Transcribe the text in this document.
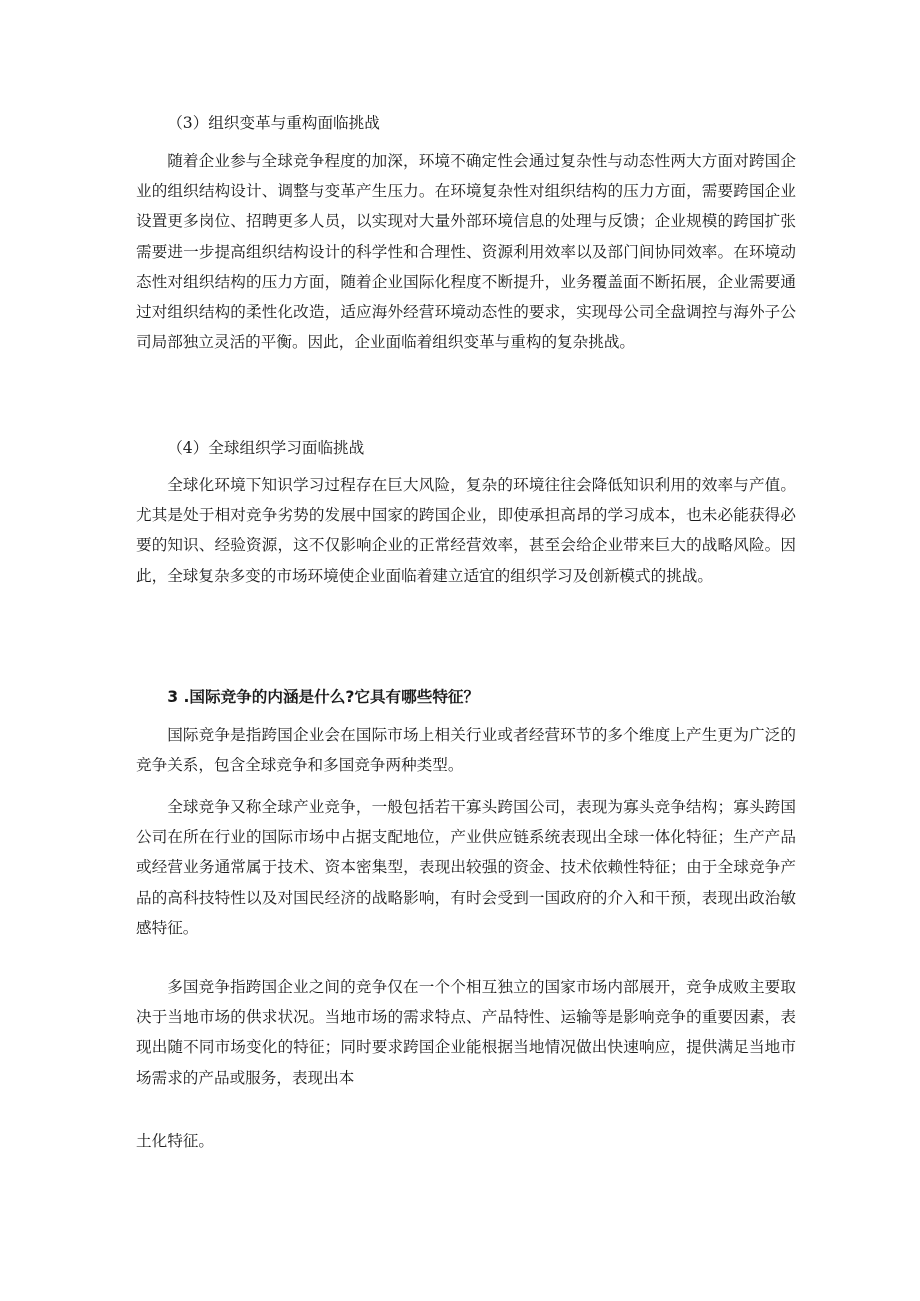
（3）组织变革与重构面临挑战

随着企业参与全球竞争程度的加深，环境不确定性会通过复杂性与动态性两大方面对跨国企业的组织结构设计、调整与变革产生压力。在环境复杂性对组织结构的压力方面，需要跨国企业设置更多岗位、招聘更多人员，以实现对大量外部环境信息的处理与反馈；企业规模的跨国扩张需要进一步提高组织结构设计的科学性和合理性、资源利用效率以及部门间协同效率。在环境动态性对组织结构的压力方面，随着企业国际化程度不断提升，业务覆盖面不断拓展，企业需要通过对组织结构的柔性化改造，适应海外经营环境动态性的要求，实现母公司全盘调控与海外子公司局部独立灵活的平衡。因此，企业面临着组织变革与重构的复杂挑战。

（4）全球组织学习面临挑战

全球化环境下知识学习过程存在巨大风险，复杂的环境往往会降低知识利用的效率与产值。尤其是处于相对竞争劣势的发展中国家的跨国企业，即使承担高昂的学习成本，也未必能获得必要的知识、经验资源，这不仅影响企业的正常经营效率，甚至会给企业带来巨大的战略风险。因此，全球复杂多变的市场环境使企业面临着建立适宜的组织学习及创新模式的挑战。

3 .国际竞争的内涵是什么?它具有哪些特征？

国际竞争是指跨国企业会在国际市场上相关行业或者经营环节的多个维度上产生更为广泛的竞争关系，包含全球竞争和多国竞争两种类型。

全球竞争又称全球产业竞争，一般包括若干寡头跨国公司，表现为寡头竞争结构；寡头跨国公司在所在行业的国际市场中占据支配地位，产业供应链系统表现出全球一体化特征；生产产品或经营业务通常属于技术、资本密集型，表现出较强的资金、技术依赖性特征；由于全球竞争产品的高科技特性以及对国民经济的战略影响，有时会受到一国政府的介入和干预，表现出政治敏感特征。

多国竞争指跨国企业之间的竞争仅在一个个相互独立的国家市场内部展开，竞争成败主要取决于当地市场的供求状况。当地市场的需求特点、产品特性、运输等是影响竞争的重要因素，表现出随不同市场变化的特征；同时要求跨国企业能根据当地情况做出快速响应，提供满足当地市场需求的产品或服务，表现出本

土化特征。
